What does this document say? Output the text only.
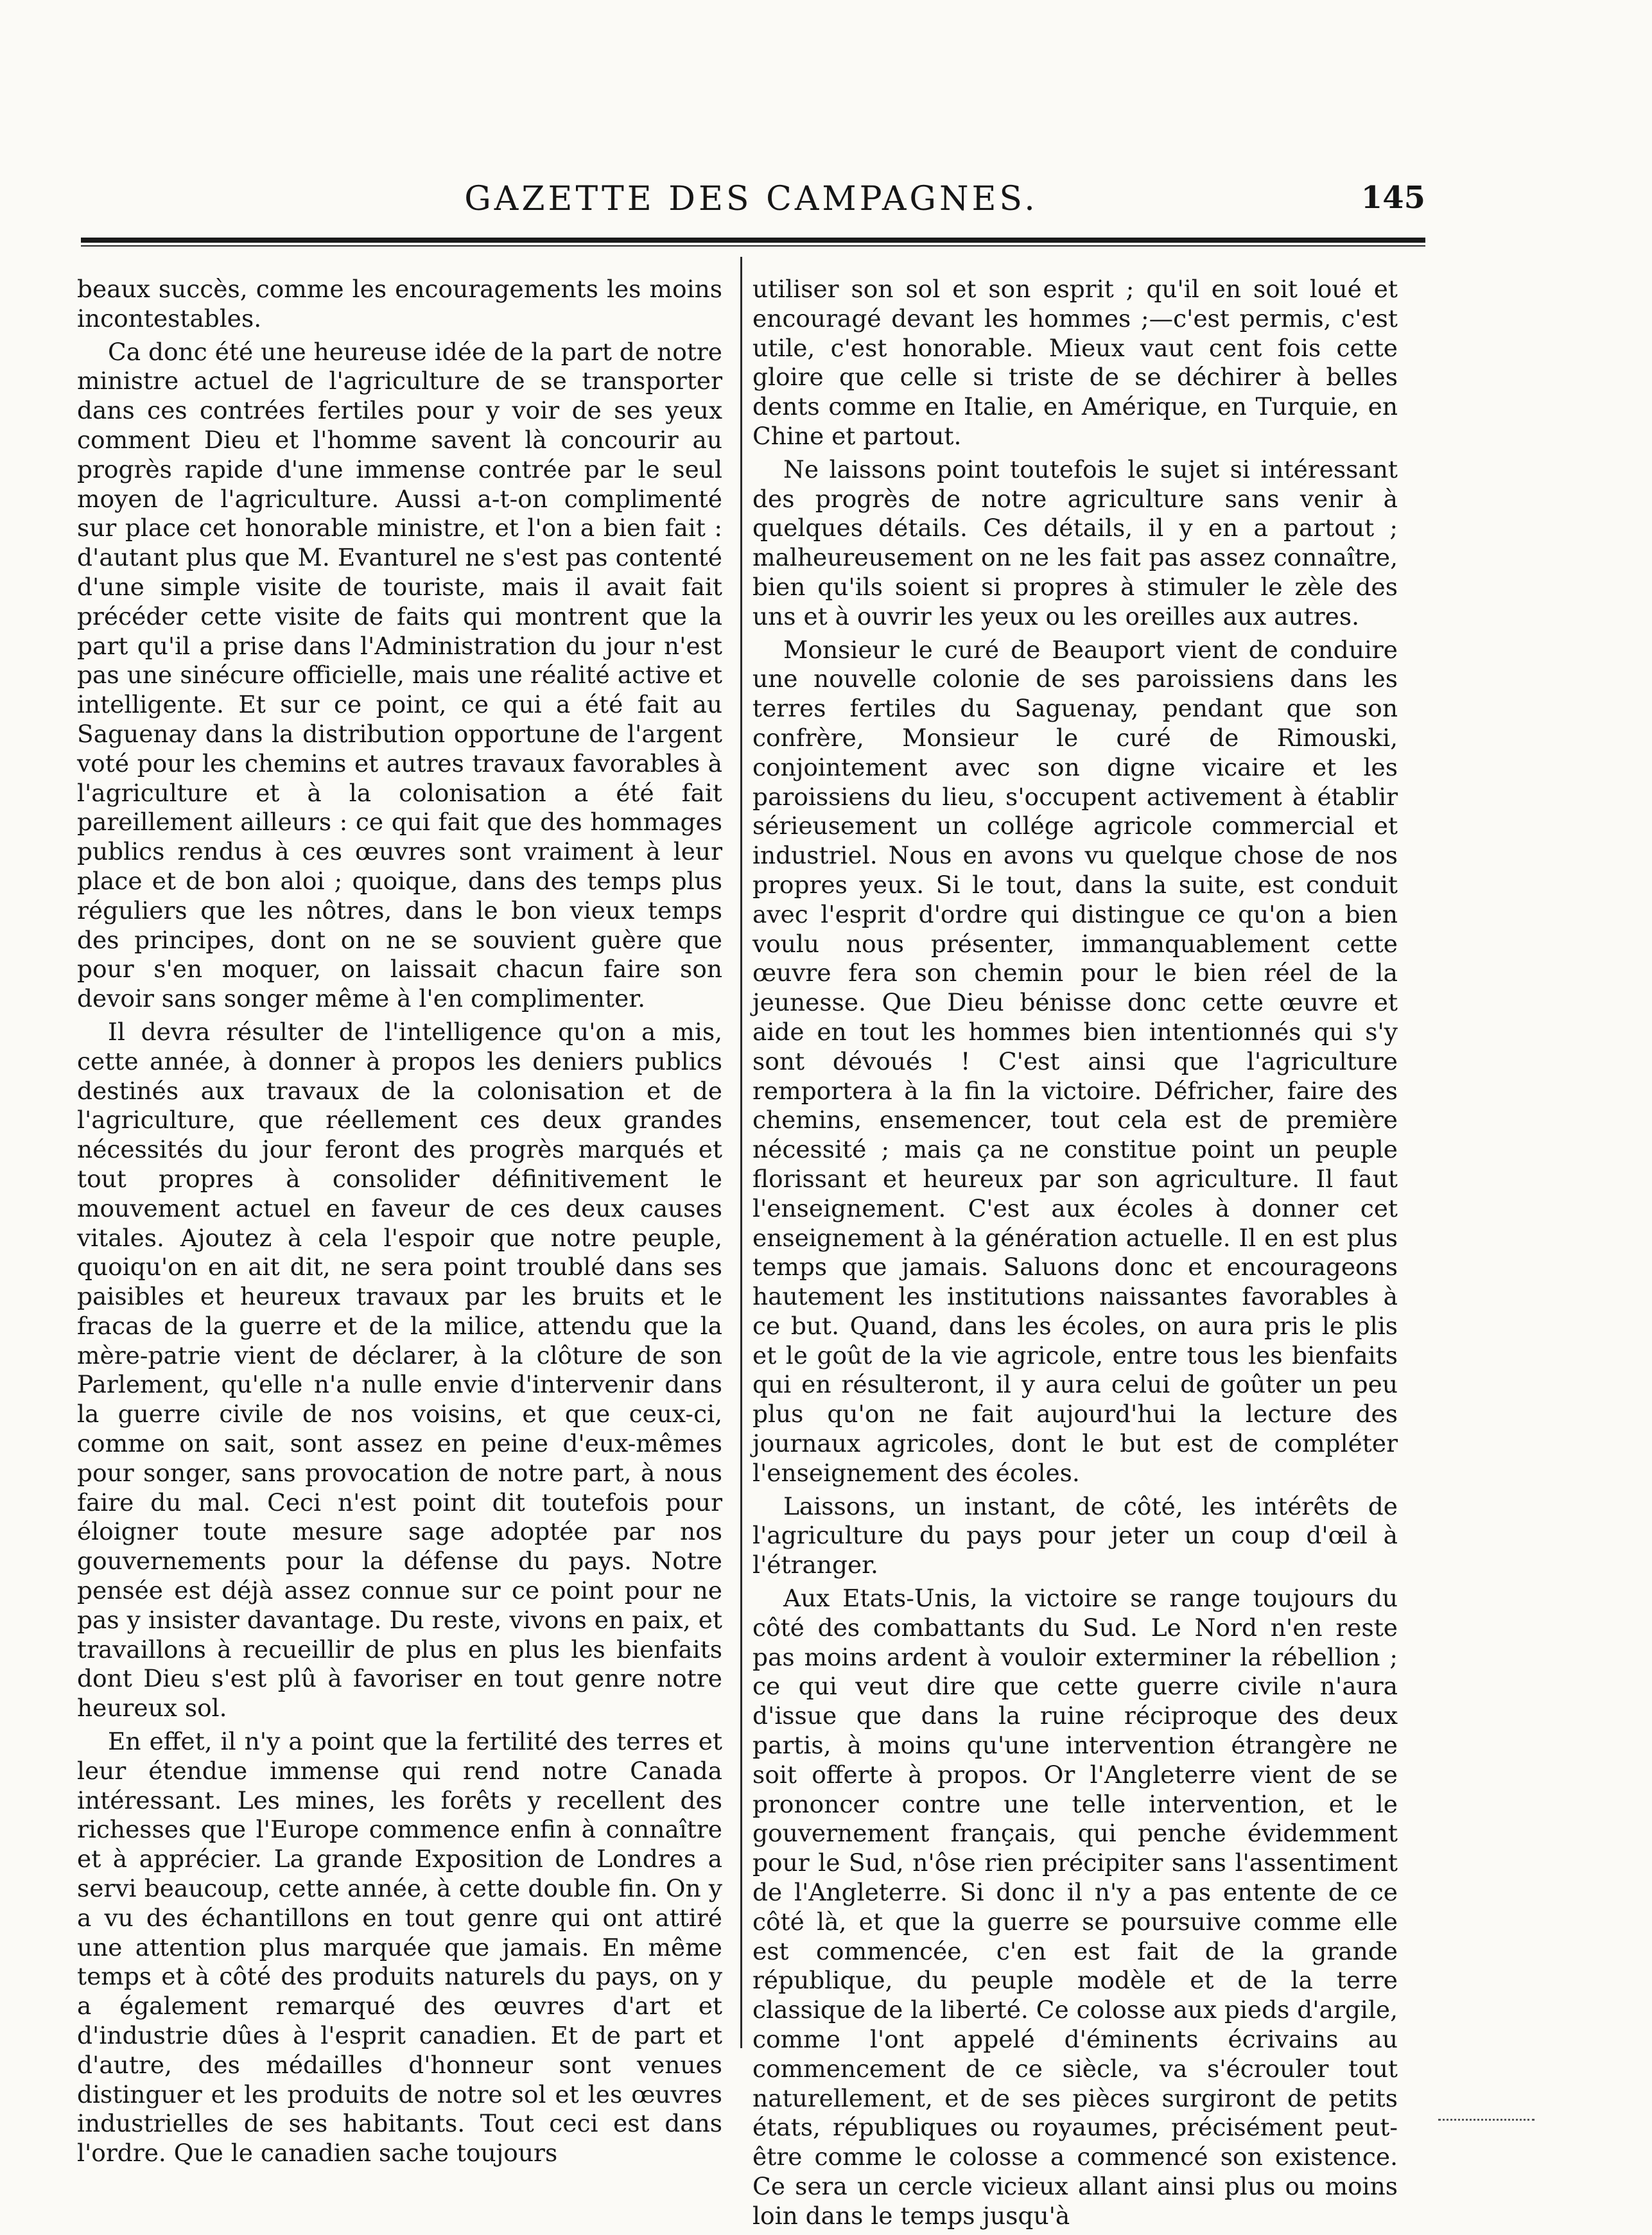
GAZETTE DES CAMPAGNES.	145

beaux succès, comme les encouragements les moins incontestables.

Ca donc été une heureuse idée de la part de notre ministre actuel de l'agriculture de se transporter dans ces contrées fertiles pour y voir de ses yeux comment Dieu et l'homme savent là concourir au progrès rapide d'une immense contrée par le seul moyen de l'agriculture. Aussi a-t-on complimenté sur place cet honorable ministre, et l'on a bien fait : d'autant plus que M. Evanturel ne s'est pas contenté d'une simple visite de touriste, mais il avait fait précéder cette visite de faits qui montrent que la part qu'il a prise dans l'Administration du jour n'est pas une sinécure officielle, mais une réalité active et intelligente. Et sur ce point, ce qui a été fait au Saguenay dans la distribution opportune de l'argent voté pour les chemins et autres travaux favorables à l'agriculture et à la colonisation a été fait pareillement ailleurs : ce qui fait que des hommages publics rendus à ces œuvres sont vraiment à leur place et de bon aloi ; quoique, dans des temps plus réguliers que les nôtres, dans le bon vieux temps des principes, dont on ne se souvient guère que pour s'en moquer, on laissait chacun faire son devoir sans songer même à l'en complimenter.

Il devra résulter de l'intelligence qu'on a mis, cette année, à donner à propos les deniers publics destinés aux travaux de la colonisation et de l'agriculture, que réellement ces deux grandes nécessités du jour feront des progrès marqués et tout propres à consolider définitivement le mouvement actuel en faveur de ces deux causes vitales. Ajoutez à cela l'espoir que notre peuple, quoiqu'on en ait dit, ne sera point troublé dans ses paisibles et heureux travaux par les bruits et le fracas de la guerre et de la milice, attendu que la mère-patrie vient de déclarer, à la clôture de son Parlement, qu'elle n'a nulle envie d'intervenir dans la guerre civile de nos voisins, et que ceux-ci, comme on sait, sont assez en peine d'eux-mêmes pour songer, sans provocation de notre part, à nous faire du mal. Ceci n'est point dit toutefois pour éloigner toute mesure sage adoptée par nos gouvernements pour la défense du pays. Notre pensée est déjà assez connue sur ce point pour ne pas y insister davantage. Du reste, vivons en paix, et travaillons à recueillir de plus en plus les bienfaits dont Dieu s'est plû à favoriser en tout genre notre heureux sol.

En effet, il n'y a point que la fertilité des terres et leur étendue immense qui rend notre Canada intéressant. Les mines, les forêts y recellent des richesses que l'Europe commence enfin à connaître et à apprécier. La grande Exposition de Londres a servi beaucoup, cette année, à cette double fin. On y a vu des échantillons en tout genre qui ont attiré une attention plus marquée que jamais. En même temps et à côté des produits naturels du pays, on y a également remarqué des œuvres d'art et d'industrie dûes à l'esprit canadien. Et de part et d'autre, des médailles d'honneur sont venues distinguer et les produits de notre sol et les œuvres industrielles de ses habitants. Tout ceci est dans l'ordre. Que le canadien sache toujours

utiliser son sol et son esprit ; qu'il en soit loué et encouragé devant les hommes ;—c'est permis, c'est utile, c'est honorable. Mieux vaut cent fois cette gloire que celle si triste de se déchirer à belles dents comme en Italie, en Amérique, en Turquie, en Chine et partout.

Ne laissons point toutefois le sujet si intéressant des progrès de notre agriculture sans venir à quelques détails. Ces détails, il y en a partout ; malheureusement on ne les fait pas assez connaître, bien qu'ils soient si propres à stimuler le zèle des uns et à ouvrir les yeux ou les oreilles aux autres.

Monsieur le curé de Beauport vient de conduire une nouvelle colonie de ses paroissiens dans les terres fertiles du Saguenay, pendant que son confrère, Monsieur le curé de Rimouski, conjointement avec son digne vicaire et les paroissiens du lieu, s'occupent activement à établir sérieusement un collége agricole commercial et industriel. Nous en avons vu quelque chose de nos propres yeux. Si le tout, dans la suite, est conduit avec l'esprit d'ordre qui distingue ce qu'on a bien voulu nous présenter, immanquablement cette œuvre fera son chemin pour le bien réel de la jeunesse. Que Dieu bénisse donc cette œuvre et aide en tout les hommes bien intentionnés qui s'y sont dévoués ! C'est ainsi que l'agriculture remportera à la fin la victoire. Défricher, faire des chemins, ensemencer, tout cela est de première nécessité ; mais ça ne constitue point un peuple florissant et heureux par son agriculture. Il faut l'enseignement. C'est aux écoles à donner cet enseignement à la génération actuelle. Il en est plus temps que jamais. Saluons donc et encourageons hautement les institutions naissantes favorables à ce but. Quand, dans les écoles, on aura pris le plis et le goût de la vie agricole, entre tous les bienfaits qui en résulteront, il y aura celui de goûter un peu plus qu'on ne fait aujourd'hui la lecture des journaux agricoles, dont le but est de compléter l'enseignement des écoles.

Laissons, un instant, de côté, les intérêts de l'agriculture du pays pour jeter un coup d'œil à l'étranger.

Aux Etats-Unis, la victoire se range toujours du côté des combattants du Sud. Le Nord n'en reste pas moins ardent à vouloir exterminer la rébellion ; ce qui veut dire que cette guerre civile n'aura d'issue que dans la ruine réciproque des deux partis, à moins qu'une intervention étrangère ne soit offerte à propos. Or l'Angleterre vient de se prononcer contre une telle intervention, et le gouvernement français, qui penche évidemment pour le Sud, n'ôse rien précipiter sans l'assentiment de l'Angleterre. Si donc il n'y a pas entente de ce côté là, et que la guerre se poursuive comme elle est commencée, c'en est fait de la grande république, du peuple modèle et de la terre classique de la liberté. Ce colosse aux pieds d'argile, comme l'ont appelé d'éminents écrivains au commencement de ce siècle, va s'écrouler tout naturellement, et de ses pièces surgiront de petits états, républiques ou royaumes, précisément peut-être comme le colosse a commencé son existence. Ce sera un cercle vicieux allant ainsi plus ou moins loin dans le temps jusqu'à
